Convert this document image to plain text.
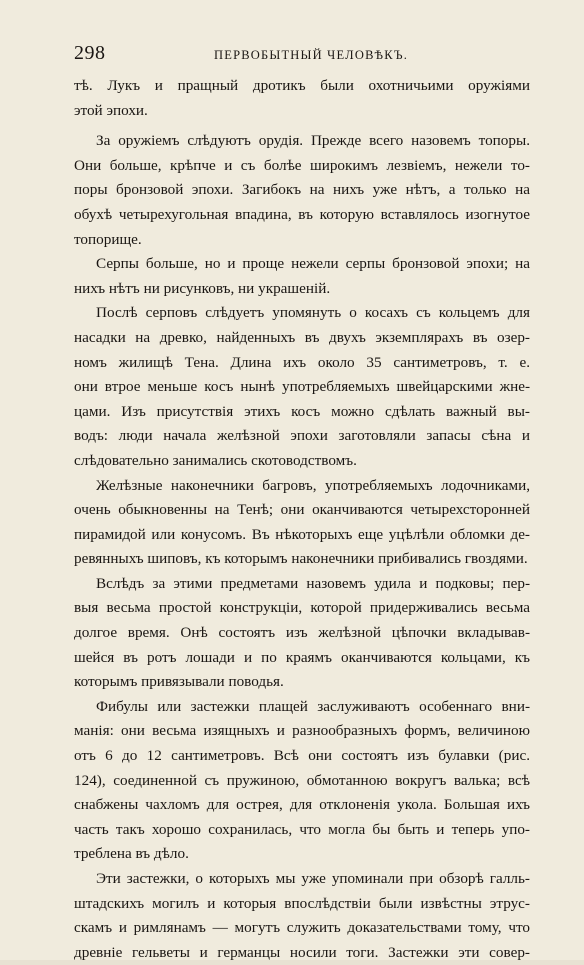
298	ПЕРВОБЫТНЫЙ ЧЕЛОВѢКЪ.
тѣ. Лукъ и пращный дротикъ были охотничьими оружіями
этой эпохи.
За оружіемъ слѣдуютъ орудія. Прежде всего назовемъ топоры.
Они больше, крѣпче и съ болѣе широкимъ лезвіемъ, нежели то-
поры бронзовой эпохи. Загибокъ на нихъ уже нѣтъ, а только на
обухѣ четырехугольная впадина, въ которую вставлялось изогнутое
топорище.
Серпы больше, но и проще нежели серпы бронзовой эпохи; на
нихъ нѣтъ ни рисунковъ, ни украшеній.
Послѣ серповъ слѣдуетъ упомянуть о косахъ съ кольцемъ для
насадки на древко, найденныхъ въ двухъ экземплярахъ въ озер-
номъ жилищѣ Тена. Длина ихъ около 35 сантиметровъ, т. е.
они втрое меньше косъ нынѣ употребляемыхъ швейцарскими жне-
цами. Изъ присутствія этихъ косъ можно сдѣлать важный вы-
водъ: люди начала желѣзной эпохи заготовляли запасы сѣна и
слѣдовательно занимались скотоводствомъ.
Желѣзные наконечники багровъ, употребляемыхъ лодочниками,
очень обыкновенны на Тенѣ; они оканчиваются четырехсторонней
пирамидой или конусомъ. Въ нѣкоторыхъ еще уцѣлѣли обломки де-
ревянныхъ шиповъ, къ которымъ наконечники прибивались гвоздями.
Вслѣдъ за этими предметами назовемъ удила и подковы; пер-
выя весьма простой конструкціи, которой придерживались весьма
долгое время. Онѣ состоятъ изъ желѣзной цѣпочки вкладывав-
шейся въ ротъ лошади и по краямъ оканчиваются кольцами, къ
которымъ привязывали поводья.
Фибулы или застежки плащей заслуживаютъ особеннаго вни-
манія: они весьма изящныхъ и разнообразныхъ формъ, величиною
отъ 6 до 12 сантиметровъ. Всѣ они состоятъ изъ булавки (рис.
124), соединенной съ пружиною, обмотанною вокругъ валька; всѣ
снабжены чахломъ для острея, для отклоненія укола. Большая ихъ
часть такъ хорошо сохранилась, что могла бы быть и теперь упо-
треблена въ дѣло.
Эти застежки, о которыхъ мы уже упоминали при обзорѣ галль-
штадскихъ могилъ и которыя впослѣдствіи были извѣстны этрус-
скамъ и римлянамъ — могутъ служить доказательствами тому, что
древніе гельветы и германцы носили тоги. Застежки эти совер-
